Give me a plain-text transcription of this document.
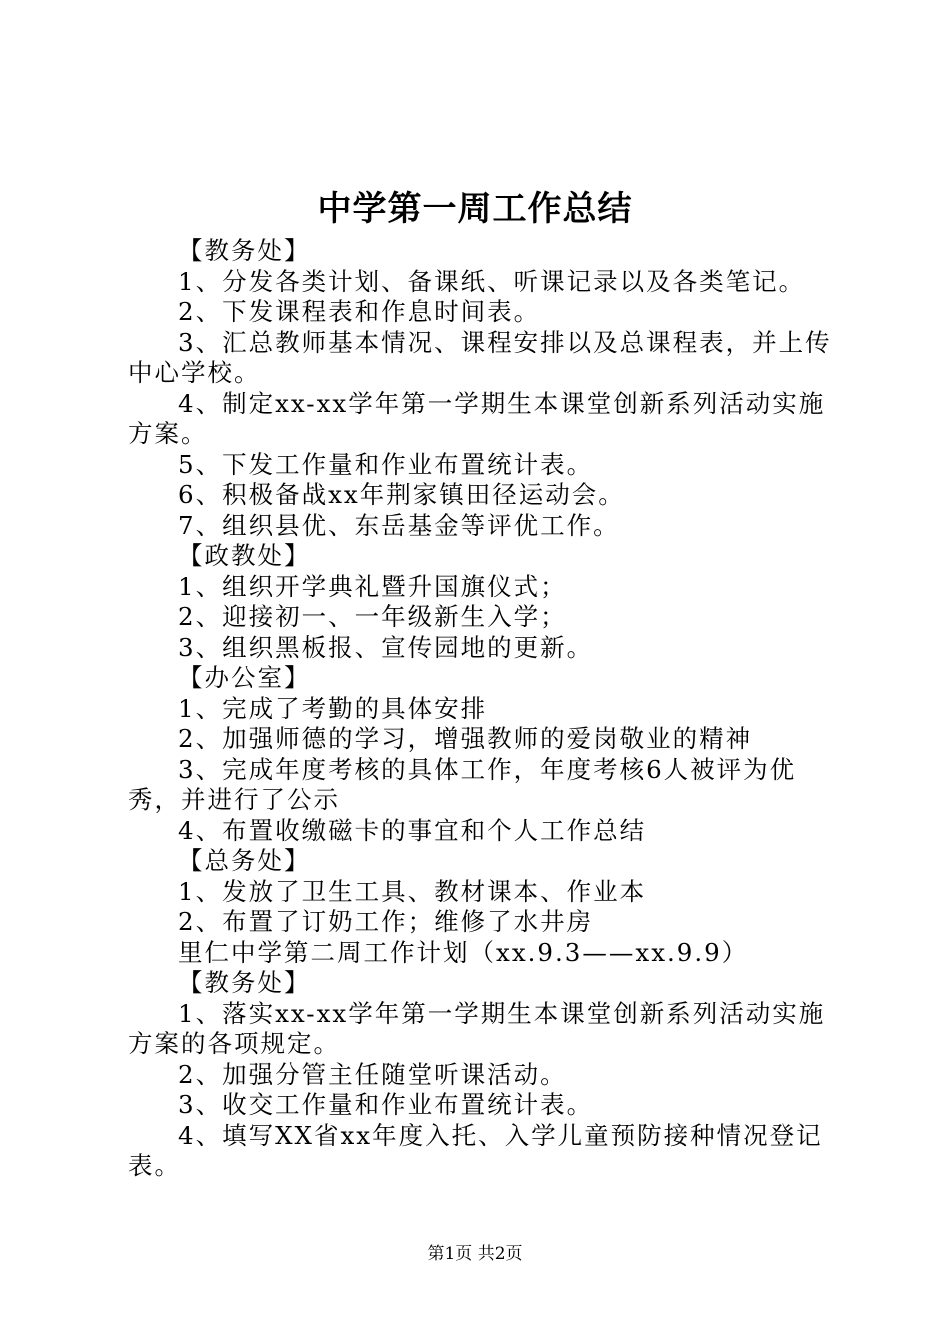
中学第一周工作总结

【教务处】

1、分发各类计划、备课纸、听课记录以及各类笔记。

2、下发课程表和作息时间表。

3、汇总教师基本情况、课程安排以及总课程表，并上传中心学校。

4、制定xx-xx学年第一学期生本课堂创新系列活动实施方案。

5、下发工作量和作业布置统计表。

6、积极备战xx年荆家镇田径运动会。

7、组织县优、东岳基金等评优工作。

【政教处】

1、组织开学典礼暨升国旗仪式；

2、迎接初一、一年级新生入学；

3、组织黑板报、宣传园地的更新。

【办公室】

1、完成了考勤的具体安排

2、加强师德的学习，增强教师的爱岗敬业的精神

3、完成年度考核的具体工作，年度考核6人被评为优秀，并进行了公示

4、布置收缴磁卡的事宜和个人工作总结

【总务处】

1、发放了卫生工具、教材课本、作业本

2、布置了订奶工作；维修了水井房

里仁中学第二周工作计划（xx.9.3——xx.9.9）

【教务处】

1、落实xx-xx学年第一学期生本课堂创新系列活动实施方案的各项规定。

2、加强分管主任随堂听课活动。

3、收交工作量和作业布置统计表。

4、填写XX省xx年度入托、入学儿童预防接种情况登记表。

第1页 共2页
